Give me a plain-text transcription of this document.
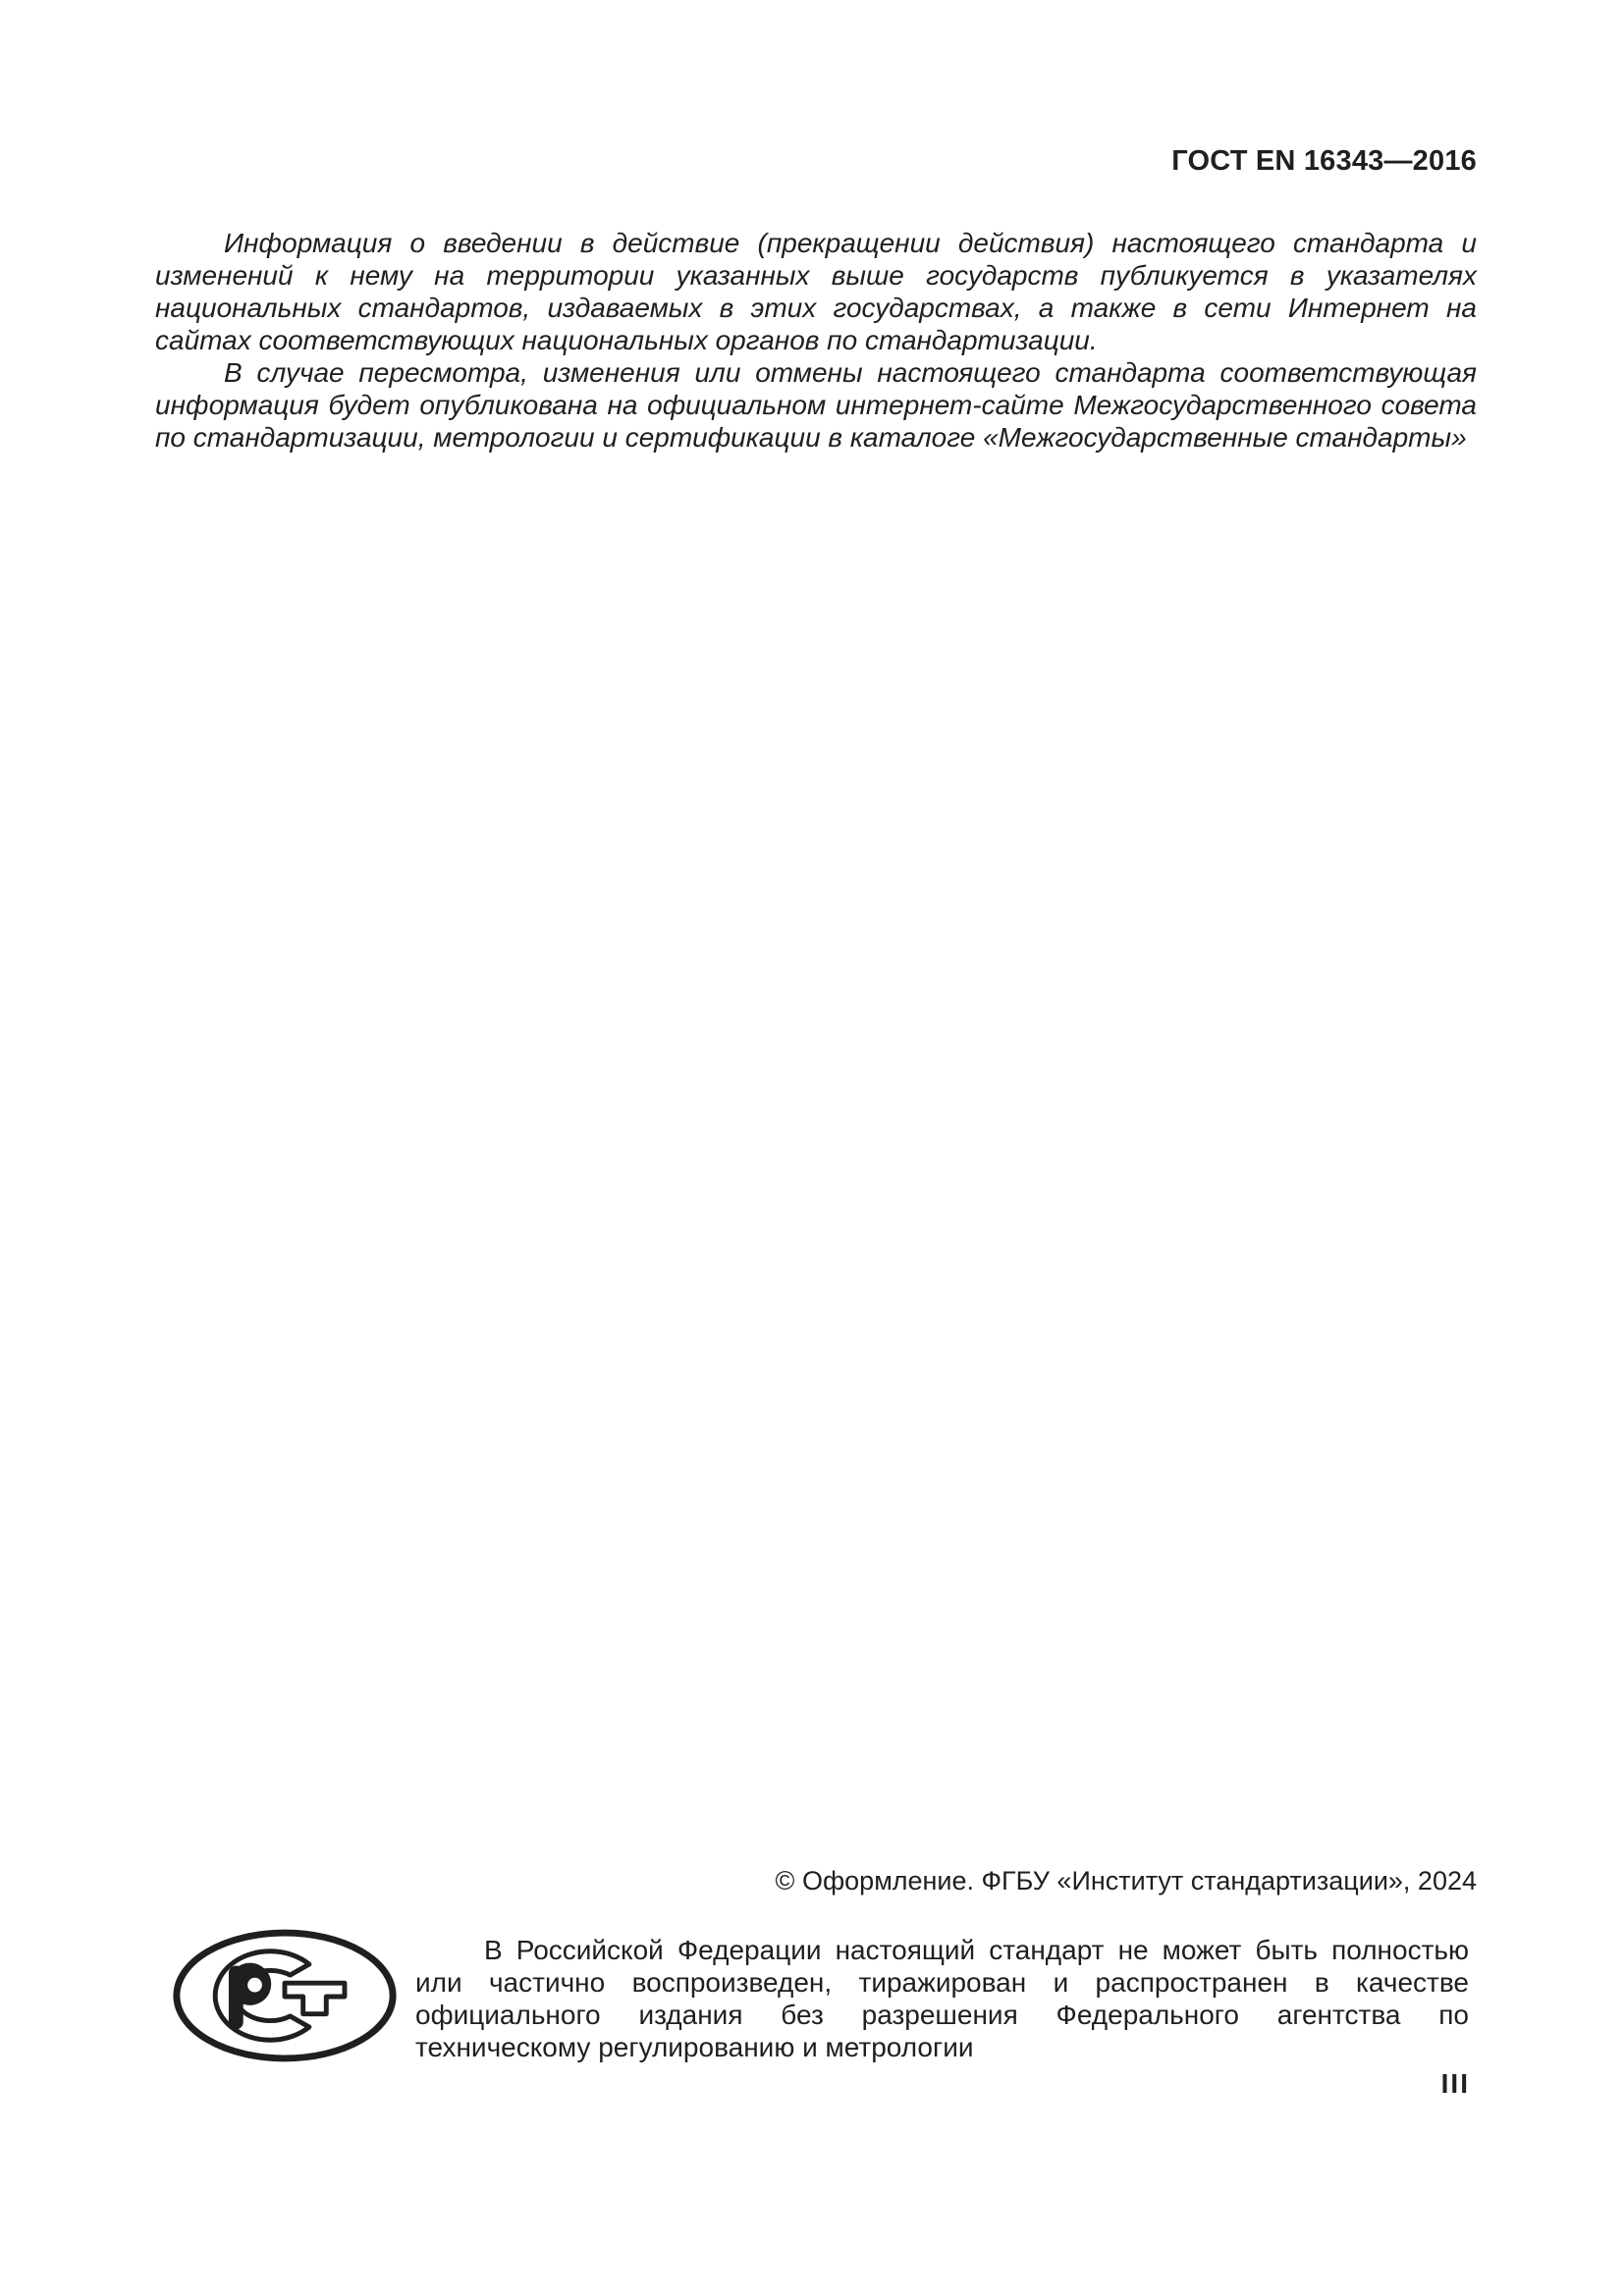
ГОСТ EN 16343—2016

Информация о введении в действие (прекращении действия) настоящего стандарта и изменений к нему на территории указанных выше государств публикуется в указателях национальных стандартов, издаваемых в этих государствах, а также в сети Интернет на сайтах соответствующих национальных органов по стандартизации.

В случае пересмотра, изменения или отмены настоящего стандарта соответствующая информация будет опубликована на официальном интернет-сайте Межгосударственного совета по стандартизации, метрологии и сертификации в каталоге «Межгосударственные стандарты»

© Оформление. ФГБУ «Институт стандартизации», 2024

В Российской Федерации настоящий стандарт не может быть полностью или частично воспроизведен, тиражирован и распространен в качестве официального издания без разрешения Федерального агентства по техническому регулированию и метрологии

III
